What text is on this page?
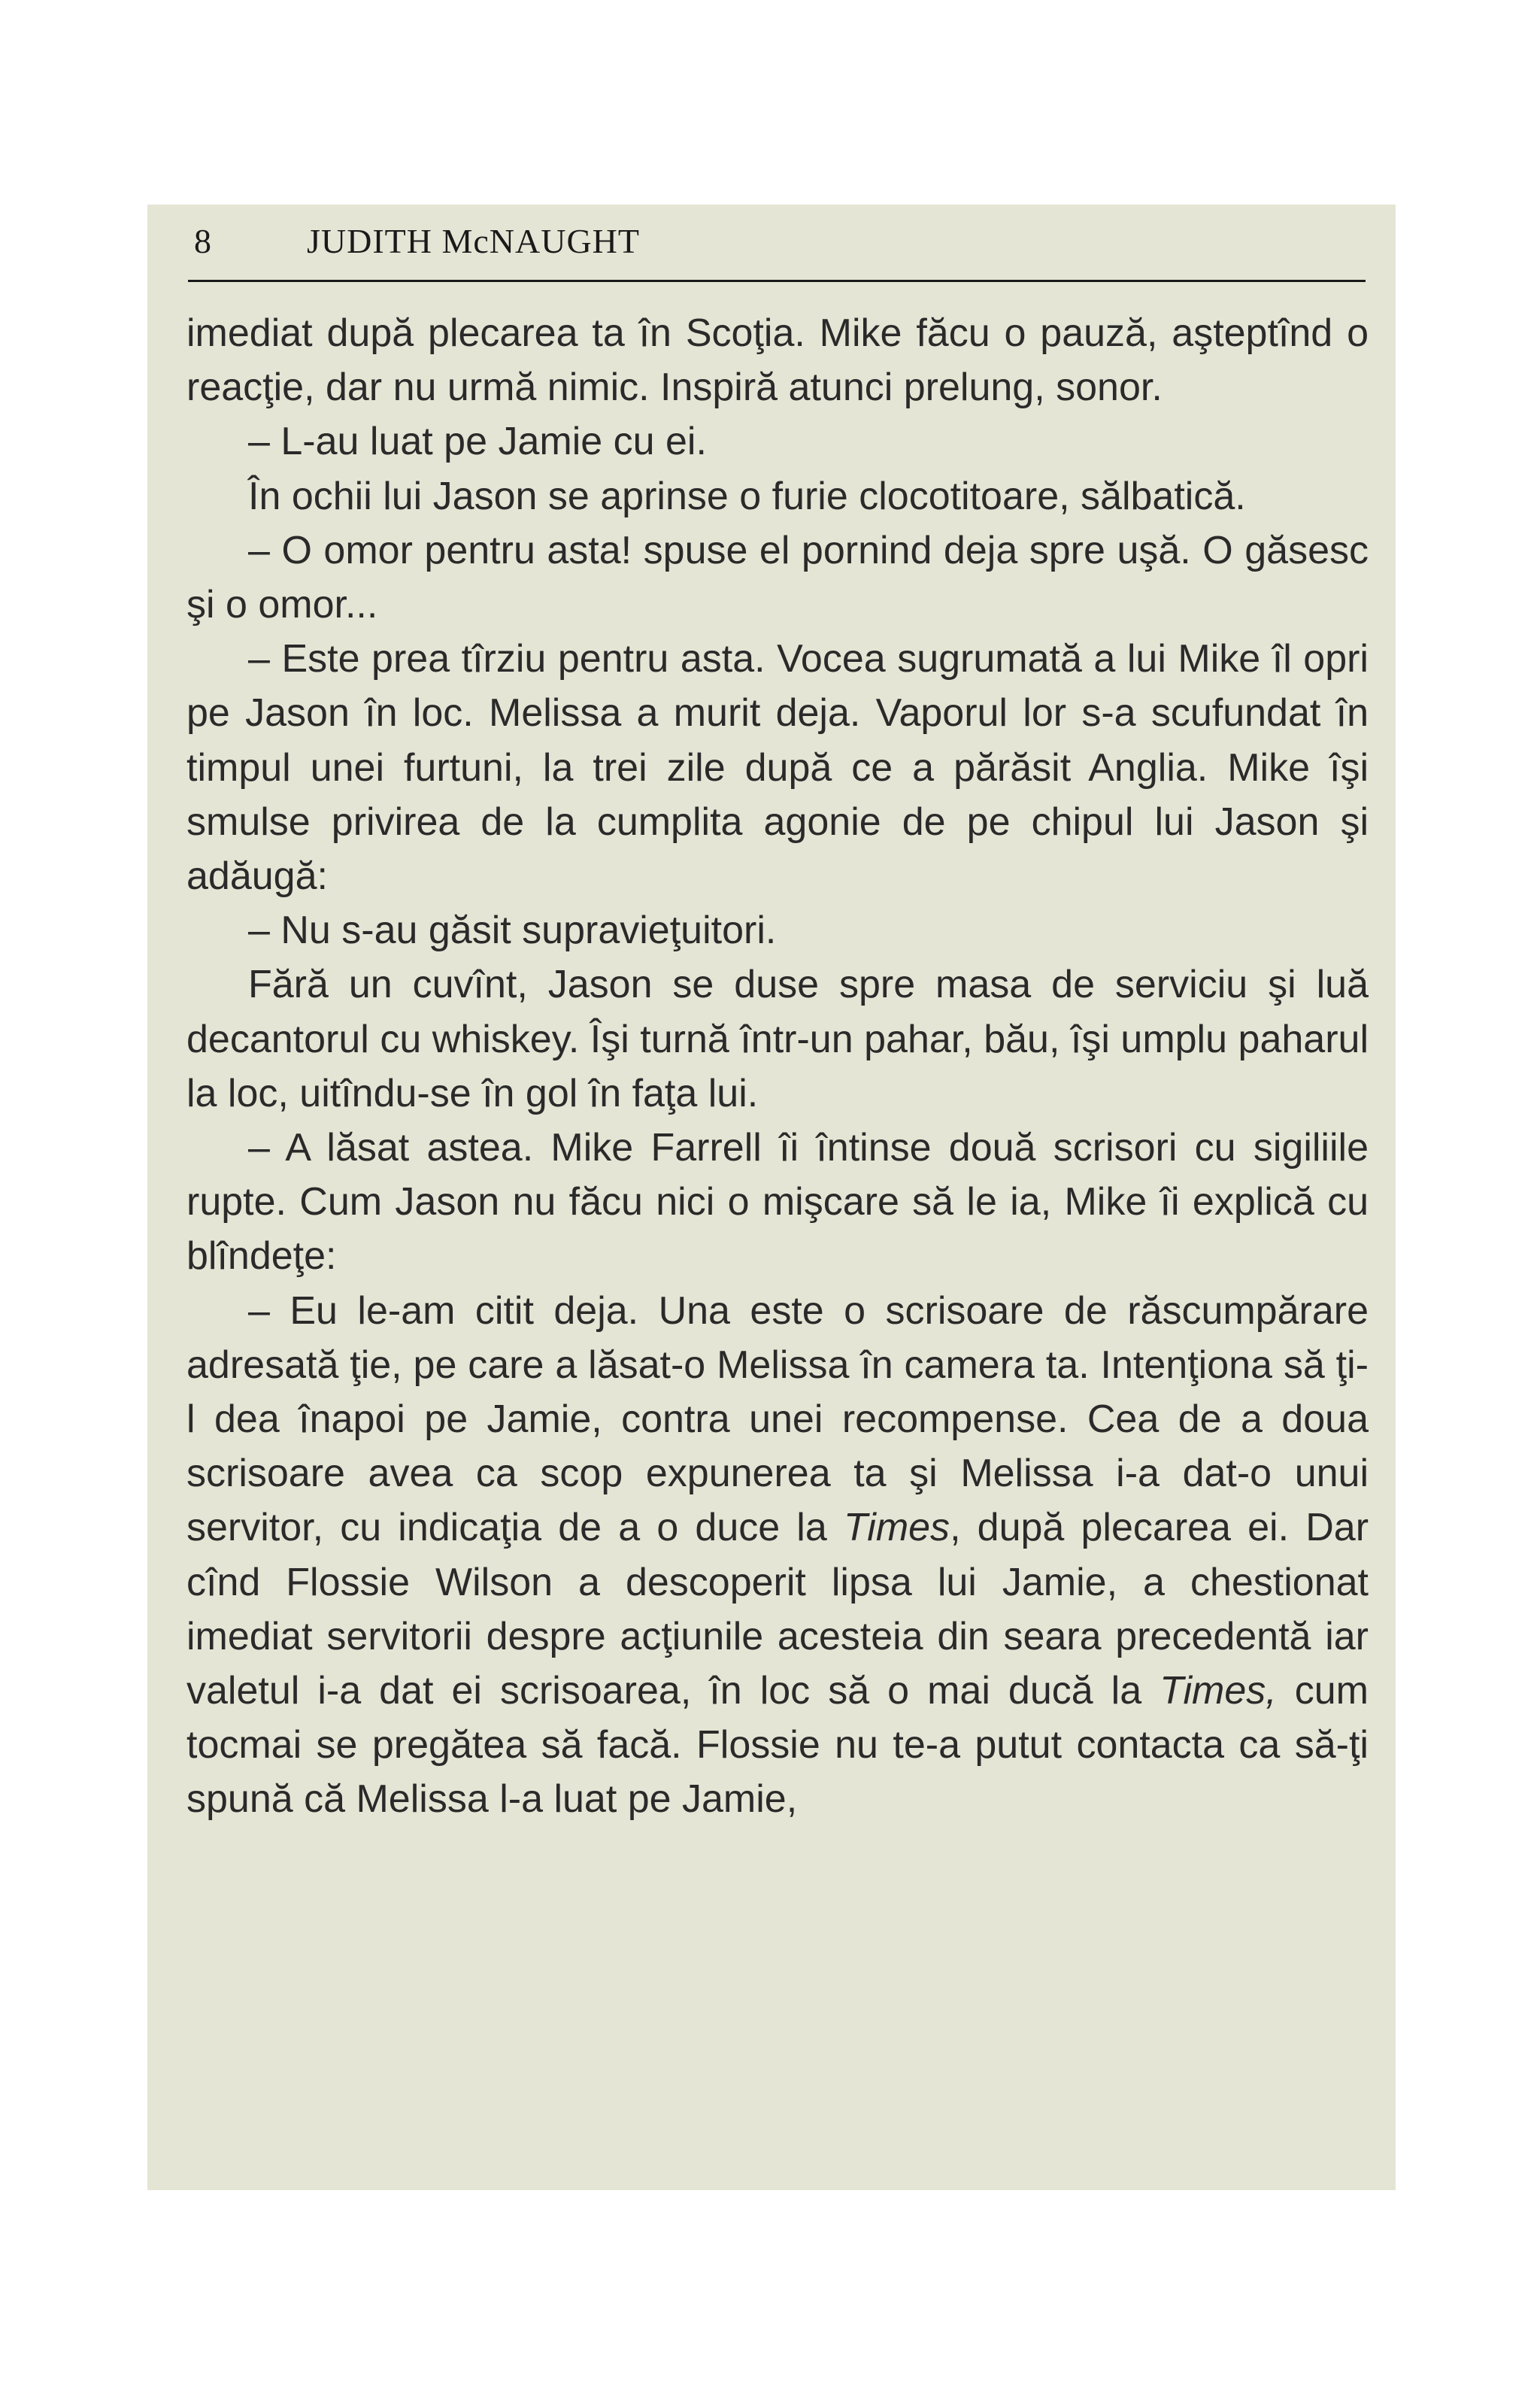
8	JUDITH McNAUGHT

imediat după plecarea ta în Scoţia. Mike făcu o pauză, aşteptînd o reacţie, dar nu urmă nimic. Inspiră atunci prelung, sonor.

– L-au luat pe Jamie cu ei.

În ochii lui Jason se aprinse o furie clocotitoare, sălbatică.

– O omor pentru asta! spuse el pornind deja spre uşă. O găsesc şi o omor...

– Este prea tîrziu pentru asta. Vocea sugrumată a lui Mike îl opri pe Jason în loc. Melissa a murit deja. Vaporul lor s-a scufundat în timpul unei furtuni, la trei zile după ce a părăsit Anglia. Mike îşi smulse privirea de la cumplita agonie de pe chipul lui Jason şi adăugă:

– Nu s-au găsit supravieţuitori.

Fără un cuvînt, Jason se duse spre masa de serviciu şi luă decantorul cu whiskey. Îşi turnă într-un pahar, bău, îşi umplu paharul la loc, uitîndu-se în gol în faţa lui.

– A lăsat astea. Mike Farrell îi întinse două scrisori cu sigiliile rupte. Cum Jason nu făcu nici o mişcare să le ia, Mike îi explică cu blîndeţe:

– Eu le-am citit deja. Una este o scrisoare de răscumpărare adresată ţie, pe care a lăsat-o Melissa în camera ta. Intenţiona să ţi-l dea înapoi pe Jamie, contra unei recompense. Cea de a doua scrisoare avea ca scop expunerea ta şi Melissa i-a dat-o unui servitor, cu indicaţia de a o duce la Times, după plecarea ei. Dar cînd Flossie Wilson a descoperit lipsa lui Jamie, a chestionat imediat servitorii despre acţiunile acesteia din seara precedentă iar valetul i-a dat ei scrisoarea, în loc să o mai ducă la Times, cum tocmai se pregătea să facă. Flossie nu te-a putut contacta ca să-ţi spună că Melissa l-a luat pe Jamie,
